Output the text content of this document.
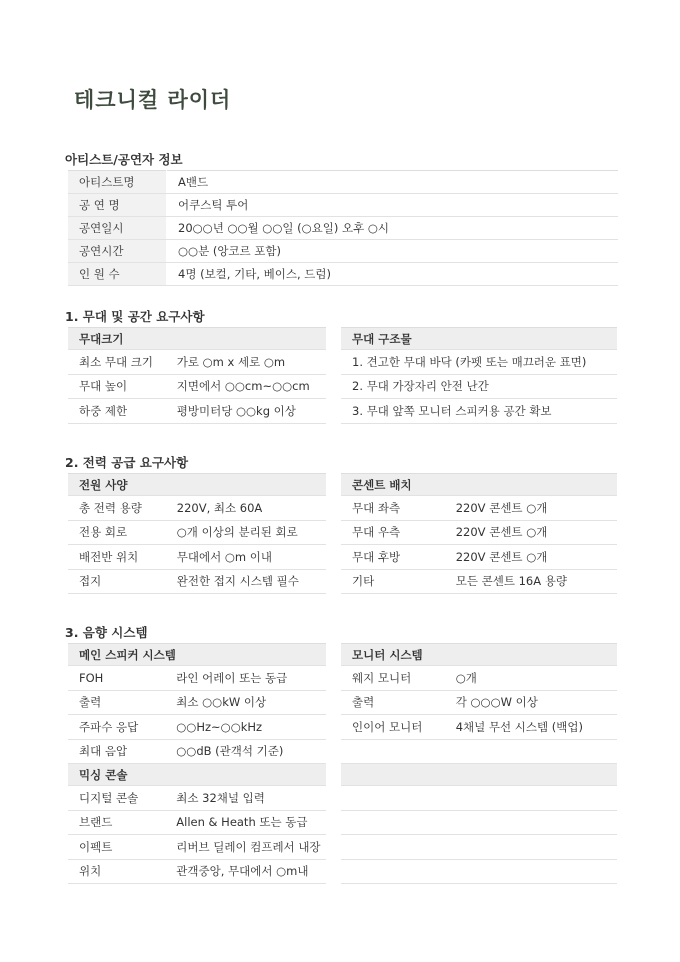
테크니컬 라이더
아티스트/공연자 정보
아티스트명	A밴드
공 연 명	어쿠스틱 투어
공연일시	20○○년 ○○월 ○○일 (○요일) 오후 ○시
공연시간	○○분 (앙코르 포함)
인 원 수	4명 (보컬, 기타, 베이스, 드럼)
1. 무대 및 공간 요구사항
무대크기	
최소 무대 크기	가로 ○m x 세로 ○m
무대 높이	지면에서 ○○cm~○○cm
하중 제한	평방미터당 ○○kg 이상
무대 구조물
1. 견고한 무대 바닥 (카펫 또는 매끄러운 표면)
2. 무대 가장자리 안전 난간
3. 무대 앞쪽 모니터 스피커용 공간 확보
2. 전력 공급 요구사항
전원 사양	
총 전력 용량	220V, 최소 60A
전용 회로	○개 이상의 분리된 회로
배전반 위치	무대에서 ○m 이내
접지	완전한 접지 시스템 필수
콘센트 배치	
무대 좌측	220V 콘센트 ○개
무대 우측	220V 콘센트 ○개
무대 후방	220V 콘센트 ○개
기타	모든 콘센트 16A 용량
3. 음향 시스템
메인 스피커 시스템	
FOH	라인 어레이 또는 동급
출력	최소 ○○kW 이상
주파수 응답	○○Hz~○○kHz
최대 음압	○○dB (관객석 기준)
믹싱 콘솔	
디지털 콘솔	최소 32채널 입력
브랜드	Allen & Heath 또는 동급
이펙트	리버브 딜레이 컴프레서 내장
위치	관객중앙, 무대에서 ○m내
모니터 시스템	
웨지 모니터	○개
출력	각 ○○○W 이상
인이어 모니터	4채널 무선 시스템 (백업)
